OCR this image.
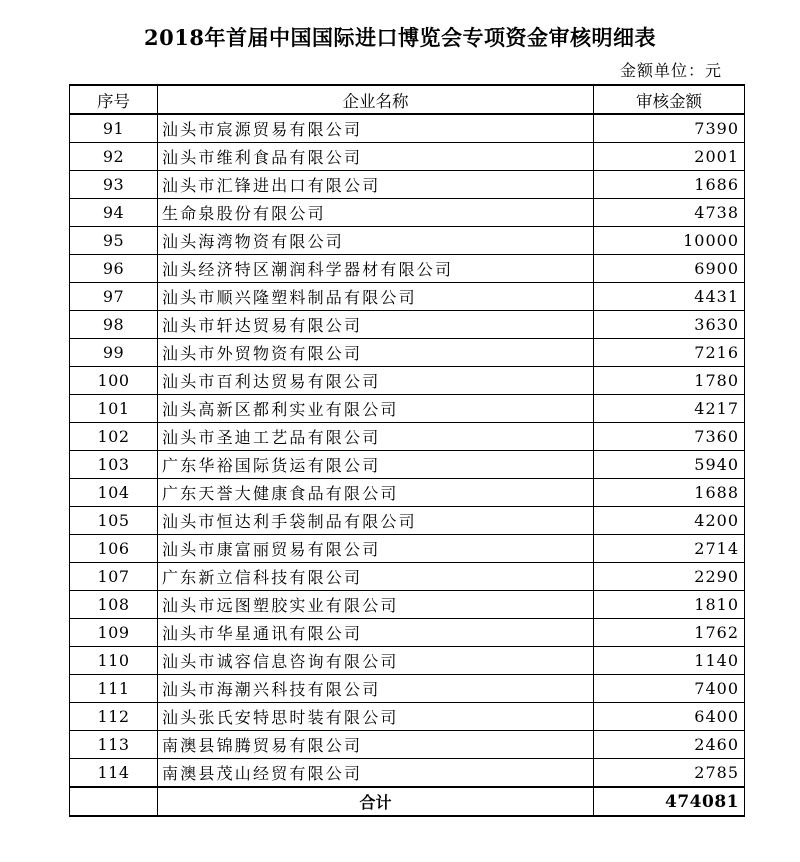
2018年首届中国国际进口博览会专项资金审核明细表
金额单位：元
序号	企业名称	审核金额
91	汕头市宸源贸易有限公司	7390
92	汕头市维利食品有限公司	2001
93	汕头市汇锋进出口有限公司	1686
94	生命泉股份有限公司	4738
95	汕头海湾物资有限公司	10000
96	汕头经济特区潮润科学器材有限公司	6900
97	汕头市顺兴隆塑料制品有限公司	4431
98	汕头市轩达贸易有限公司	3630
99	汕头市外贸物资有限公司	7216
100	汕头市百利达贸易有限公司	1780
101	汕头高新区都利实业有限公司	4217
102	汕头市圣迪工艺品有限公司	7360
103	广东华裕国际货运有限公司	5940
104	广东天誉大健康食品有限公司	1688
105	汕头市恒达利手袋制品有限公司	4200
106	汕头市康富丽贸易有限公司	2714
107	广东新立信科技有限公司	2290
108	汕头市远图塑胶实业有限公司	1810
109	汕头市华星通讯有限公司	1762
110	汕头市诚容信息咨询有限公司	1140
111	汕头市海潮兴科技有限公司	7400
112	汕头张氏安特思时装有限公司	6400
113	南澳县锦腾贸易有限公司	2460
114	南澳县茂山经贸有限公司	2785
	合计	474081
